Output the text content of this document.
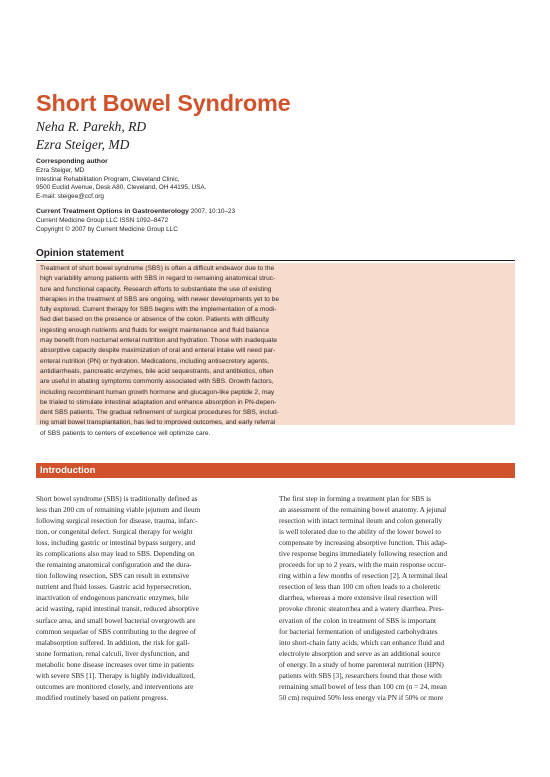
Short Bowel Syndrome
Neha R. Parekh, RD
Ezra Steiger, MD
Corresponding author
Ezra Steiger, MD
Intestinal Rehabilitation Program, Cleveland Clinic,
9500 Euclid Avenue, Desk A80, Cleveland, OH 44195, USA.
E-mail: steigee@ccf.org
Current Treatment Options in Gastroenterology 2007, 10:10–23
Current Medicine Group LLC ISSN 1092–8472
Copyright © 2007 by Current Medicine Group LLC
Opinion statement
Treatment of short bowel syndrome (SBS) is often a difficult endeavor due to the
high variability among patients with SBS in regard to remaining anatomical struc-
ture and functional capacity. Research efforts to substantiate the use of existing
therapies in the treatment of SBS are ongoing, with newer developments yet to be
fully explored. Current therapy for SBS begins with the implementation of a modi-
fied diet based on the presence or absence of the colon. Patients with difficulty
ingesting enough nutrients and fluids for weight maintenance and fluid balance
may benefit from nocturnal enteral nutrition and hydration. Those with inadequate
absorptive capacity despite maximization of oral and enteral intake will need par-
enteral nutrition (PN) or hydration. Medications, including antisecretory agents,
antidiarrheals, pancreatic enzymes, bile acid sequestrants, and antibiotics, often
are useful in abating symptoms commonly associated with SBS. Growth factors,
including recombinant human growth hormone and glucagon-like peptide 2, may
be trialed to stimulate intestinal adaptation and enhance absorption in PN-depen-
dent SBS patients. The gradual refinement of surgical procedures for SBS, includ-
ing small bowel transplantation, has led to improved outcomes, and early referral
of SBS patients to centers of excellence will optimize care.
Introduction
Short bowel syndrome (SBS) is traditionally defined as
less than 200 cm of remaining viable jejunum and ileum
following surgical resection for disease, trauma, infarc-
tion, or congenital defect. Surgical therapy for weight
loss, including gastric or intestinal bypass surgery, and
its complications also may lead to SBS. Depending on
the remaining anatomical configuration and the dura-
tion following resection, SBS can result in extensive
nutrient and fluid losses. Gastric acid hypersecretion,
inactivation of endogenous pancreatic enzymes, bile
acid wasting, rapid intestinal transit, reduced absorptive
surface area, and small bowel bacterial overgrowth are
common sequelae of SBS contributing to the degree of
malabsorption suffered. In addition, the risk for gall-
stone formation, renal calculi, liver dysfunction, and
metabolic bone disease increases over time in patients
with severe SBS [1]. Therapy is highly individualized,
outcomes are monitored closely, and interventions are
modified routinely based on patient progress.
The first step in forming a treatment plan for SBS is
an assessment of the remaining bowel anatomy. A jejunal
resection with intact terminal ileum and colon generally
is well tolerated due to the ability of the lower bowel to
compensate by increasing absorptive function. This adap-
tive response begins immediately following resection and
proceeds for up to 2 years, with the main response occur-
ring within a few months of resection [2]. A terminal ileal
resection of less than 100 cm often leads to a choleretic
diarrhea, whereas a more extensive ileal resection will
provoke chronic steatorrhea and a watery diarrhea. Pres-
ervation of the colon in treatment of SBS is important
for bacterial fermentation of undigested carbohydrates
into short-chain fatty acids, which can enhance fluid and
electrolyte absorption and serve as an additional source
of energy. In a study of home parenteral nutrition (HPN)
patients with SBS [3], researchers found that those with
remaining small bowel of less than 100 cm (n = 24, mean
50 cm) required 50% less energy via PN if 50% or more
